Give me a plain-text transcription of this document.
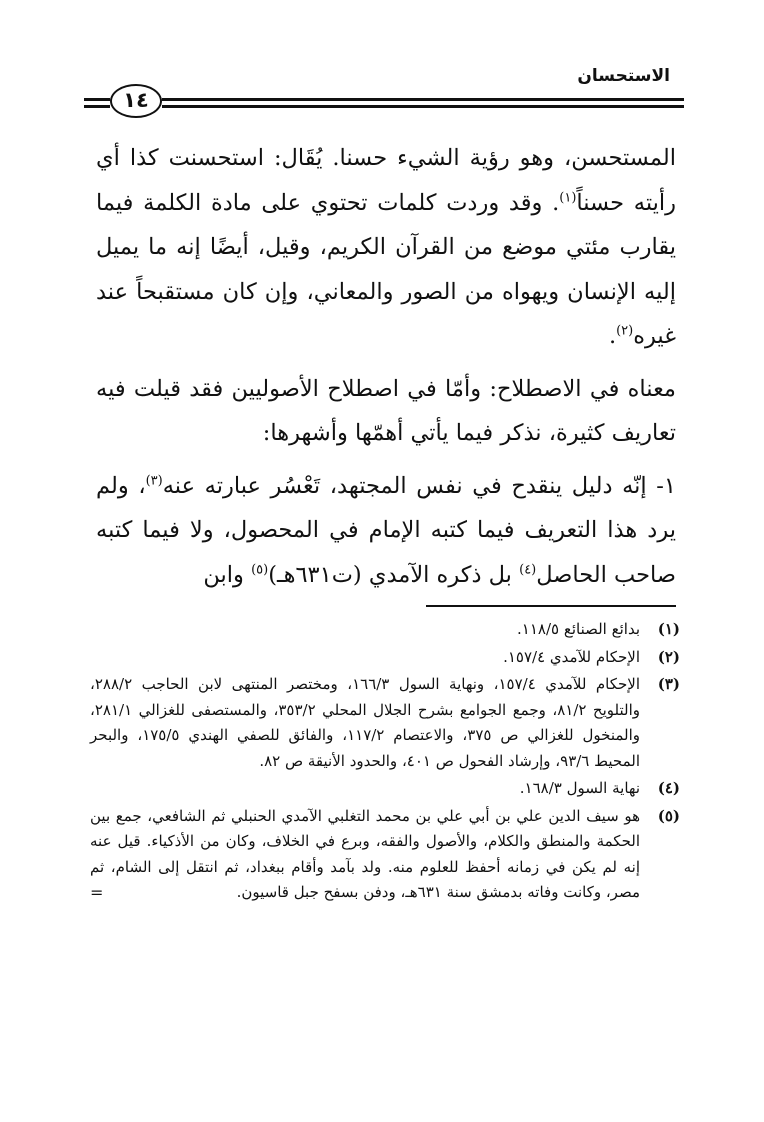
الاستحسان
١٤

المستحسن، وهو رؤية الشيء حسنا. يُقَال: استحسنت كذا أي رأيته حسناً$^{(١)}$. وقد وردت كلمات تحتوي على مادة الكلمة فيما يقارب مئتي موضع من القرآن الكريم، وقيل، أيضًا إنه ما يميل إليه الإنسان ويهواه من الصور والمعاني، وإن كان مستقبحاً عند غيره$^{(٢)}$.

معناه في الاصطلاح: وأمّا في اصطلاح الأصوليين فقد قيلت فيه تعاريف كثيرة، نذكر فيما يأتي أهمّها وأشهرها:

١- إنّه دليل ينقدح في نفس المجتهد، تَعْسُر عبارته عنه$^{(٣)}$، ولم يرد هذا التعريف فيما كتبه الإمام في المحصول، ولا فيما كتبه صاحب الحاصل$^{(٤)}$ بل ذكره الآمدي (ت٦٣١هـ)$^{(٥)}$ وابن

(١)
بدائع الصنائع ١١٨/٥.
(٢)
الإحكام للآمدي ١٥٧/٤.
(٣)
الإحكام للآمدي ١٥٧/٤، ونهاية السول ١٦٦/٣، ومختصر المنتهى لابن الحاجب ٢٨٨/٢، والتلويح ٨١/٢، وجمع الجوامع بشرح الجلال المحلي ٣٥٣/٢، والمستصفى للغزالي ٢٨١/١، والمنخول للغزالي ص ٣٧٥، والاعتصام ١١٧/٢، والفائق للصفي الهندي ١٧٥/٥، والبحر المحيط ٩٣/٦، وإرشاد الفحول ص ٤٠١، والحدود الأنيقة ص ٨٢.
(٤)
نهاية السول ١٦٨/٣.
(٥)
هو سيف الدين علي بن أبي علي بن محمد التغلبي الآمدي الحنبلي ثم الشافعي، جمع بين الحكمة والمنطق والكلام، والأصول والفقه، وبرع في الخلاف، وكان من الأذكياء. قيل عنه إنه لم يكن في زمانه أحفظ للعلوم منه. ولد بآمد وأقام ببغداد، ثم انتقل إلى الشام، ثم مصر، وكانت وفاته بدمشق سنة ٦٣١هـ، ودفن بسفح جبل قاسيون.
=
